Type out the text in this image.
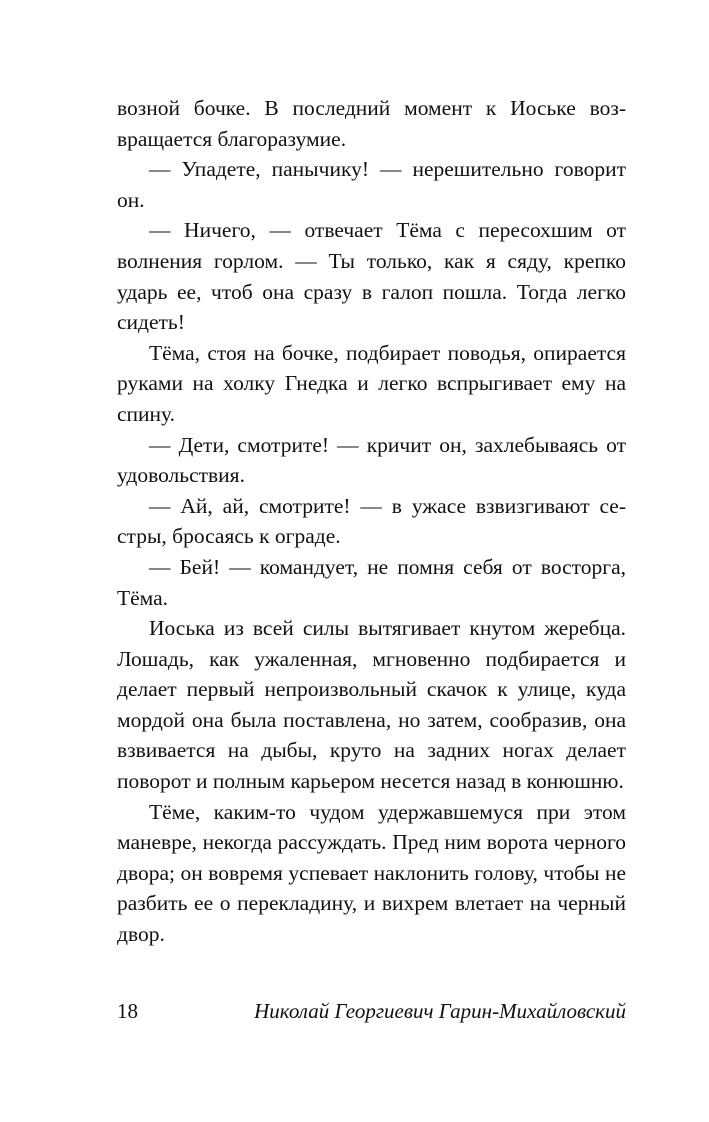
возной бочке. В последний момент к Иоське возвращается благоразумие.

— Упадете, панычику! — нерешительно говорит он.

— Ничего, — отвечает Тёма с пересохшим от волнения горлом. — Ты только, как я сяду, крепко ударь ее, чтоб она сразу в галоп пошла. Тогда легко сидеть!

Тёма, стоя на бочке, подбирает поводья, опирается руками на холку Гнедка и легко вспрыгивает ему на спину.

— Дети, смотрите! — кричит он, захлебываясь от удовольствия.

— Ай, ай, смотрите! — в ужасе взвизгивают сестры, бросаясь к ограде.

— Бей! — командует, не помня себя от восторга, Тёма.

Иоська из всей силы вытягивает кнутом жеребца. Лошадь, как ужаленная, мгновенно подбирается и делает первый непроизвольный скачок к улице, куда мордой она была поставлена, но затем, сообразив, она взвивается на дыбы, круто на задних ногах делает поворот и полным карьером несется назад в конюшню.

Тёме, каким-то чудом удержавшемуся при этом маневре, некогда рассуждать. Пред ним ворота черного двора; он вовремя успевает наклонить голову, чтобы не разбить ее о перекладину, и вихрем влетает на черный двор.

18	Николай Георгиевич Гарин-Михайловский
